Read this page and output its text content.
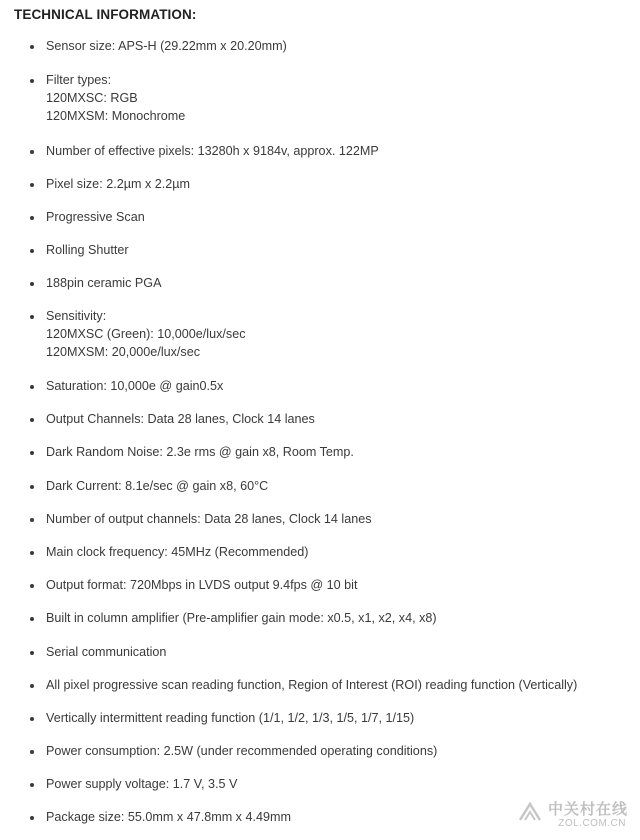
TECHNICAL INFORMATION:
Sensor size: APS-H (29.22mm x 20.20mm)
Filter types:
120MXSC: RGB
120MXSM: Monochrome
Number of effective pixels: 13280h x 9184v, approx. 122MP
Pixel size: 2.2µm x 2.2µm
Progressive Scan
Rolling Shutter
188pin ceramic PGA
Sensitivity:
120MXSC (Green): 10,000e/lux/sec
120MXSM: 20,000e/lux/sec
Saturation: 10,000e @ gain0.5x
Output Channels: Data 28 lanes, Clock 14 lanes
Dark Random Noise: 2.3e rms @ gain x8, Room Temp.
Dark Current: 8.1e/sec @ gain x8, 60°C
Number of output channels: Data 28 lanes, Clock 14 lanes
Main clock frequency: 45MHz (Recommended)
Output format: 720Mbps in LVDS output 9.4fps @ 10 bit
Built in column amplifier (Pre-amplifier gain mode: x0.5, x1, x2, x4, x8)
Serial communication
All pixel progressive scan reading function, Region of Interest (ROI) reading function (Vertically)
Vertically intermittent reading function (1/1, 1/2, 1/3, 1/5, 1/7, 1/15)
Power consumption: 2.5W (under recommended operating conditions)
Power supply voltage: 1.7 V, 3.5 V
Package size: 55.0mm x 47.8mm x 4.49mm	中关村在线
ZOL.COM.CN
